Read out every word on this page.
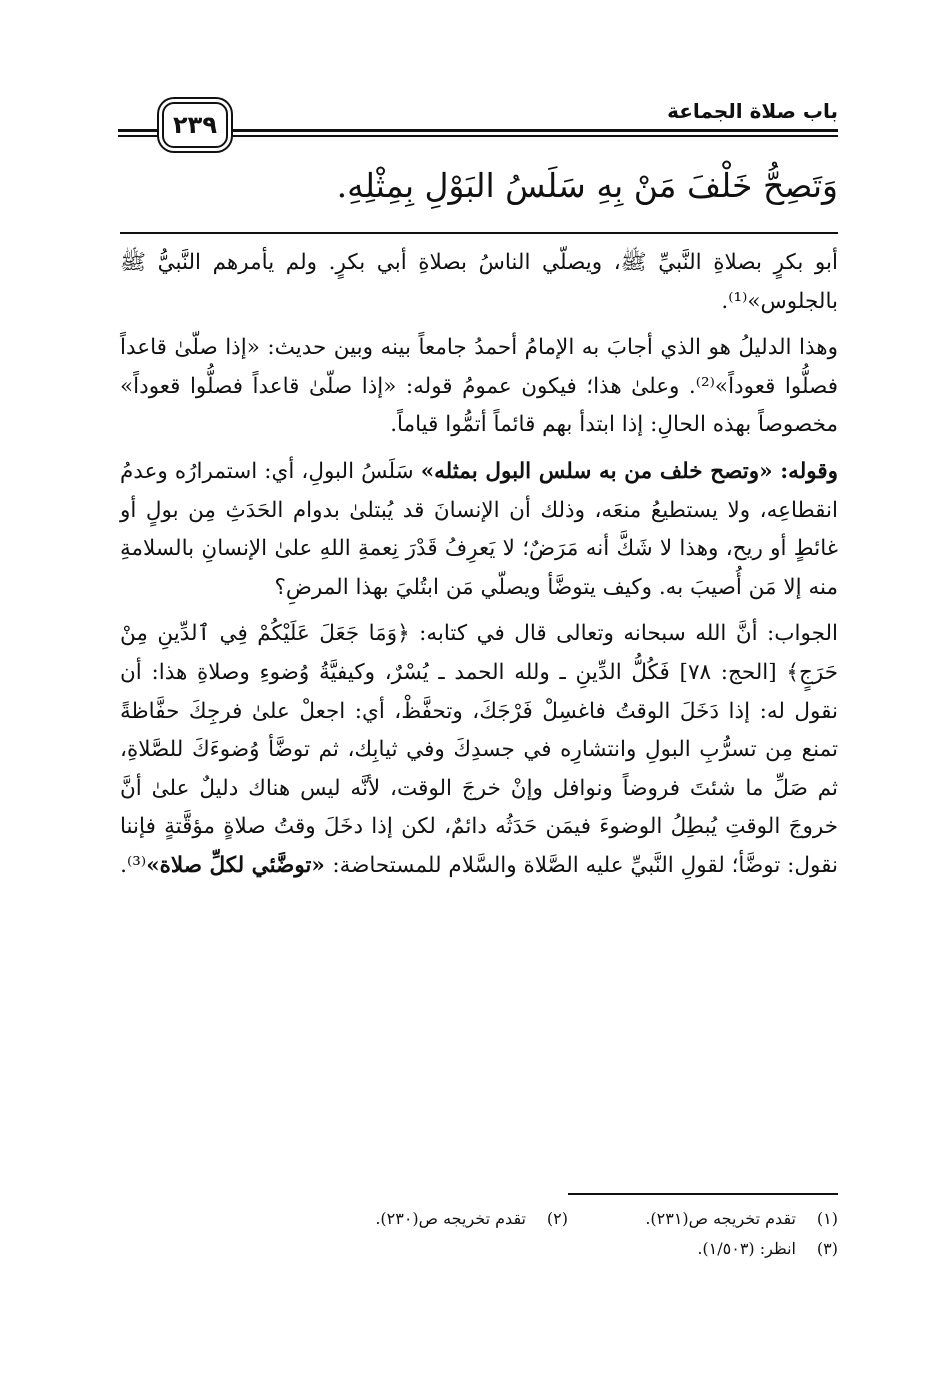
٢٣٩	باب صلاة الجماعة
وَتَصِحُّ خَلْفَ مَنْ بِهِ سَلَسُ البَوْلِ بِمِثْلِهِ.

أبو بكرٍ بصلاةِ النَّبيِّ ﷺ، ويصلّي الناسُ بصلاةِ أبي بكرٍ. ولم يأمرهم النَّبيُّ ﷺ بالجلوس»⁽¹⁾.

وهذا الدليلُ هو الذي أجابَ به الإمامُ أحمدُ جامعاً بينه وبين حديث: «إذا صلّىٰ قاعداً فصلُّوا قعوداً»⁽²⁾. وعلىٰ هذا؛ فيكون عمومُ قوله: «إذا صلّىٰ قاعداً فصلُّوا قعوداً» مخصوصاً بهذه الحالِ: إذا ابتدأ بهم قائماً أتمُّوا قياماً.

وقوله: «وتصح خلف من به سلس البول بمثله» سَلَسُ البولِ، أي: استمرارُه وعدمُ انقطاعِه، ولا يستطيعُ منعَه، وذلك أن الإنسانَ قد يُبتلىٰ بدوام الحَدَثِ مِن بولٍ أو غائطٍ أو ريح، وهذا لا شَكَّ أنه مَرَضٌ؛ لا يَعرِفُ قَدْرَ نِعمةِ اللهِ علىٰ الإنسانِ بالسلامةِ منه إلا مَن أُصيبَ به. وكيف يتوضَّأ ويصلّي مَن ابتُليَ بهذا المرضِ؟

الجواب: أنَّ الله سبحانه وتعالى قال في كتابه: ﴿وَمَا جَعَلَ عَلَيْكُمْ فِي ٱلدِّينِ مِنْ حَرَجٍ﴾ [الحج: ٧٨] فَكُلُّ الدِّينِ ـ ولله الحمد ـ يُسْرٌ، وكيفيَّةُ وُضوءِ وصلاةِ هذا: أن نقول له: إذا دَخَلَ الوقتُ فاغسِلْ فَرْجَكَ، وتحفَّظْ، أي: اجعلْ علىٰ فرجِكَ حفَّاظةً تمنع مِن تسرُّبِ البولِ وانتشارِه في جسدِكَ وفي ثيابِك، ثم توضَّأ وُضوءَكَ للصَّلاةِ، ثم صَلِّ ما شئتَ فروضاً ونوافل وإنْ خرجَ الوقت، لأنَّه ليس هناك دليلٌ علىٰ أنَّ خروجَ الوقتِ يُبطِلُ الوضوءَ فيمَن حَدَثُه دائمٌ، لكن إذا دخَلَ وقتُ صلاةٍ مؤقَّتةٍ فإننا نقول: توضَّأ؛ لقولِ النَّبيِّ عليه الصَّلاة والسَّلام للمستحاضة: «توضَّئي لكلِّ صلاة»⁽³⁾.

(١)تقدم تخريجه ص(٢٣١).
(٢)تقدم تخريجه ص(٢٣٠).
(٣)انظر: (١/٥٠٣).
